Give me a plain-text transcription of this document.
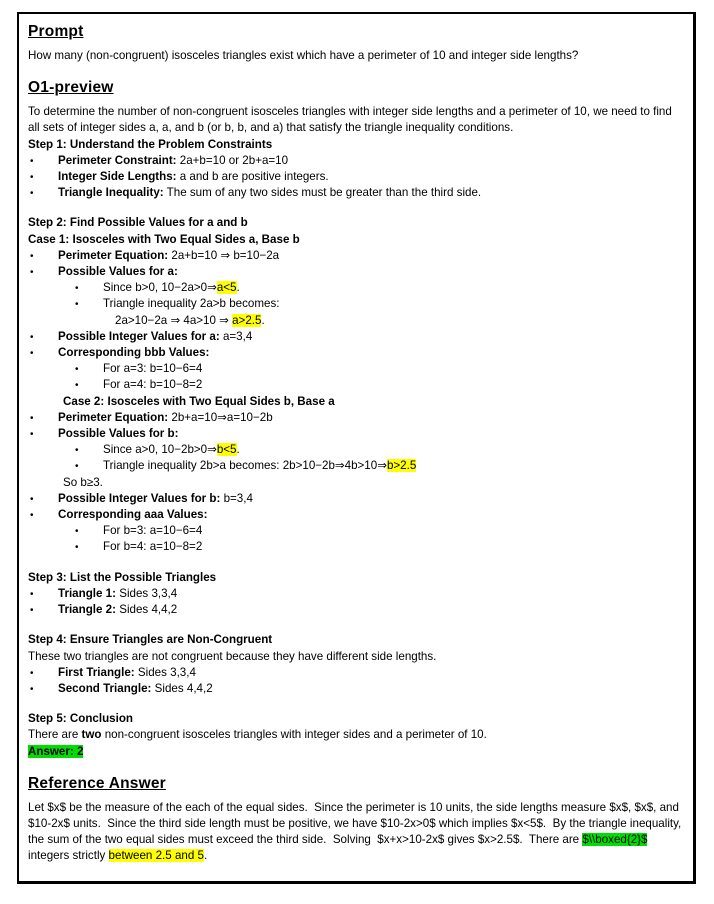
Prompt
How many (non-congruent) isosceles triangles exist which have a perimeter of 10 and integer side lengths?
O1-preview
To determine the number of non-congruent isosceles triangles with integer side lengths and a perimeter of 10, we need to find all sets of integer sides a, a, and b (or b, b, and a) that satisfy the triangle inequality conditions.
Step 1: Understand the Problem Constraints
• Perimeter Constraint: 2a+b=10 or 2b+a=10
• Integer Side Lengths: a and b are positive integers.
• Triangle Inequality: The sum of any two sides must be greater than the third side.
Step 2: Find Possible Values for a and b
Case 1: Isosceles with Two Equal Sides a, Base b
• Perimeter Equation: 2a+b=10 ⇒ b=10−2a
• Possible Values for a:
• Since b>0, 10−2a>0⇒a<5.
• Triangle inequality 2a>b becomes:
2a>10−2a ⇒ 4a>10 ⇒ a>2.5.
• Possible Integer Values for a: a=3,4
• Corresponding bbb Values:
• For a=3: b=10−6=4
• For a=4: b=10−8=2
Case 2: Isosceles with Two Equal Sides b, Base a
• Perimeter Equation: 2b+a=10⇒a=10−2b
• Possible Values for b:
• Since a>0, 10−2b>0⇒b<5.
• Triangle inequality 2b>a becomes: 2b>10−2b⇒4b>10⇒b>2.5
So b≥3.
• Possible Integer Values for b: b=3,4
• Corresponding aaa Values:
• For b=3: a=10−6=4
• For b=4: a=10−8=2
Step 3: List the Possible Triangles
• Triangle 1: Sides 3,3,4
• Triangle 2: Sides 4,4,2
Step 4: Ensure Triangles are Non-Congruent
These two triangles are not congruent because they have different side lengths.
• First Triangle: Sides 3,3,4
• Second Triangle: Sides 4,4,2
Step 5: Conclusion
There are two non-congruent isosceles triangles with integer sides and a perimeter of 10.
Answer: 2
Reference Answer
Let $x$ be the measure of the each of the equal sides.  Since the perimeter is 10 units, the side lengths measure $x$, $x$, and $10-2x$ units.  Since the third side length must be positive, we have $10-2x>0$ which implies $x<5$.  By the triangle inequality, the sum of the two equal sides must exceed the third side.  Solving  $x+x>10-2x$ gives $x>2.5$.  There are $\\boxed{2}$ integers strictly between 2.5 and 5.
